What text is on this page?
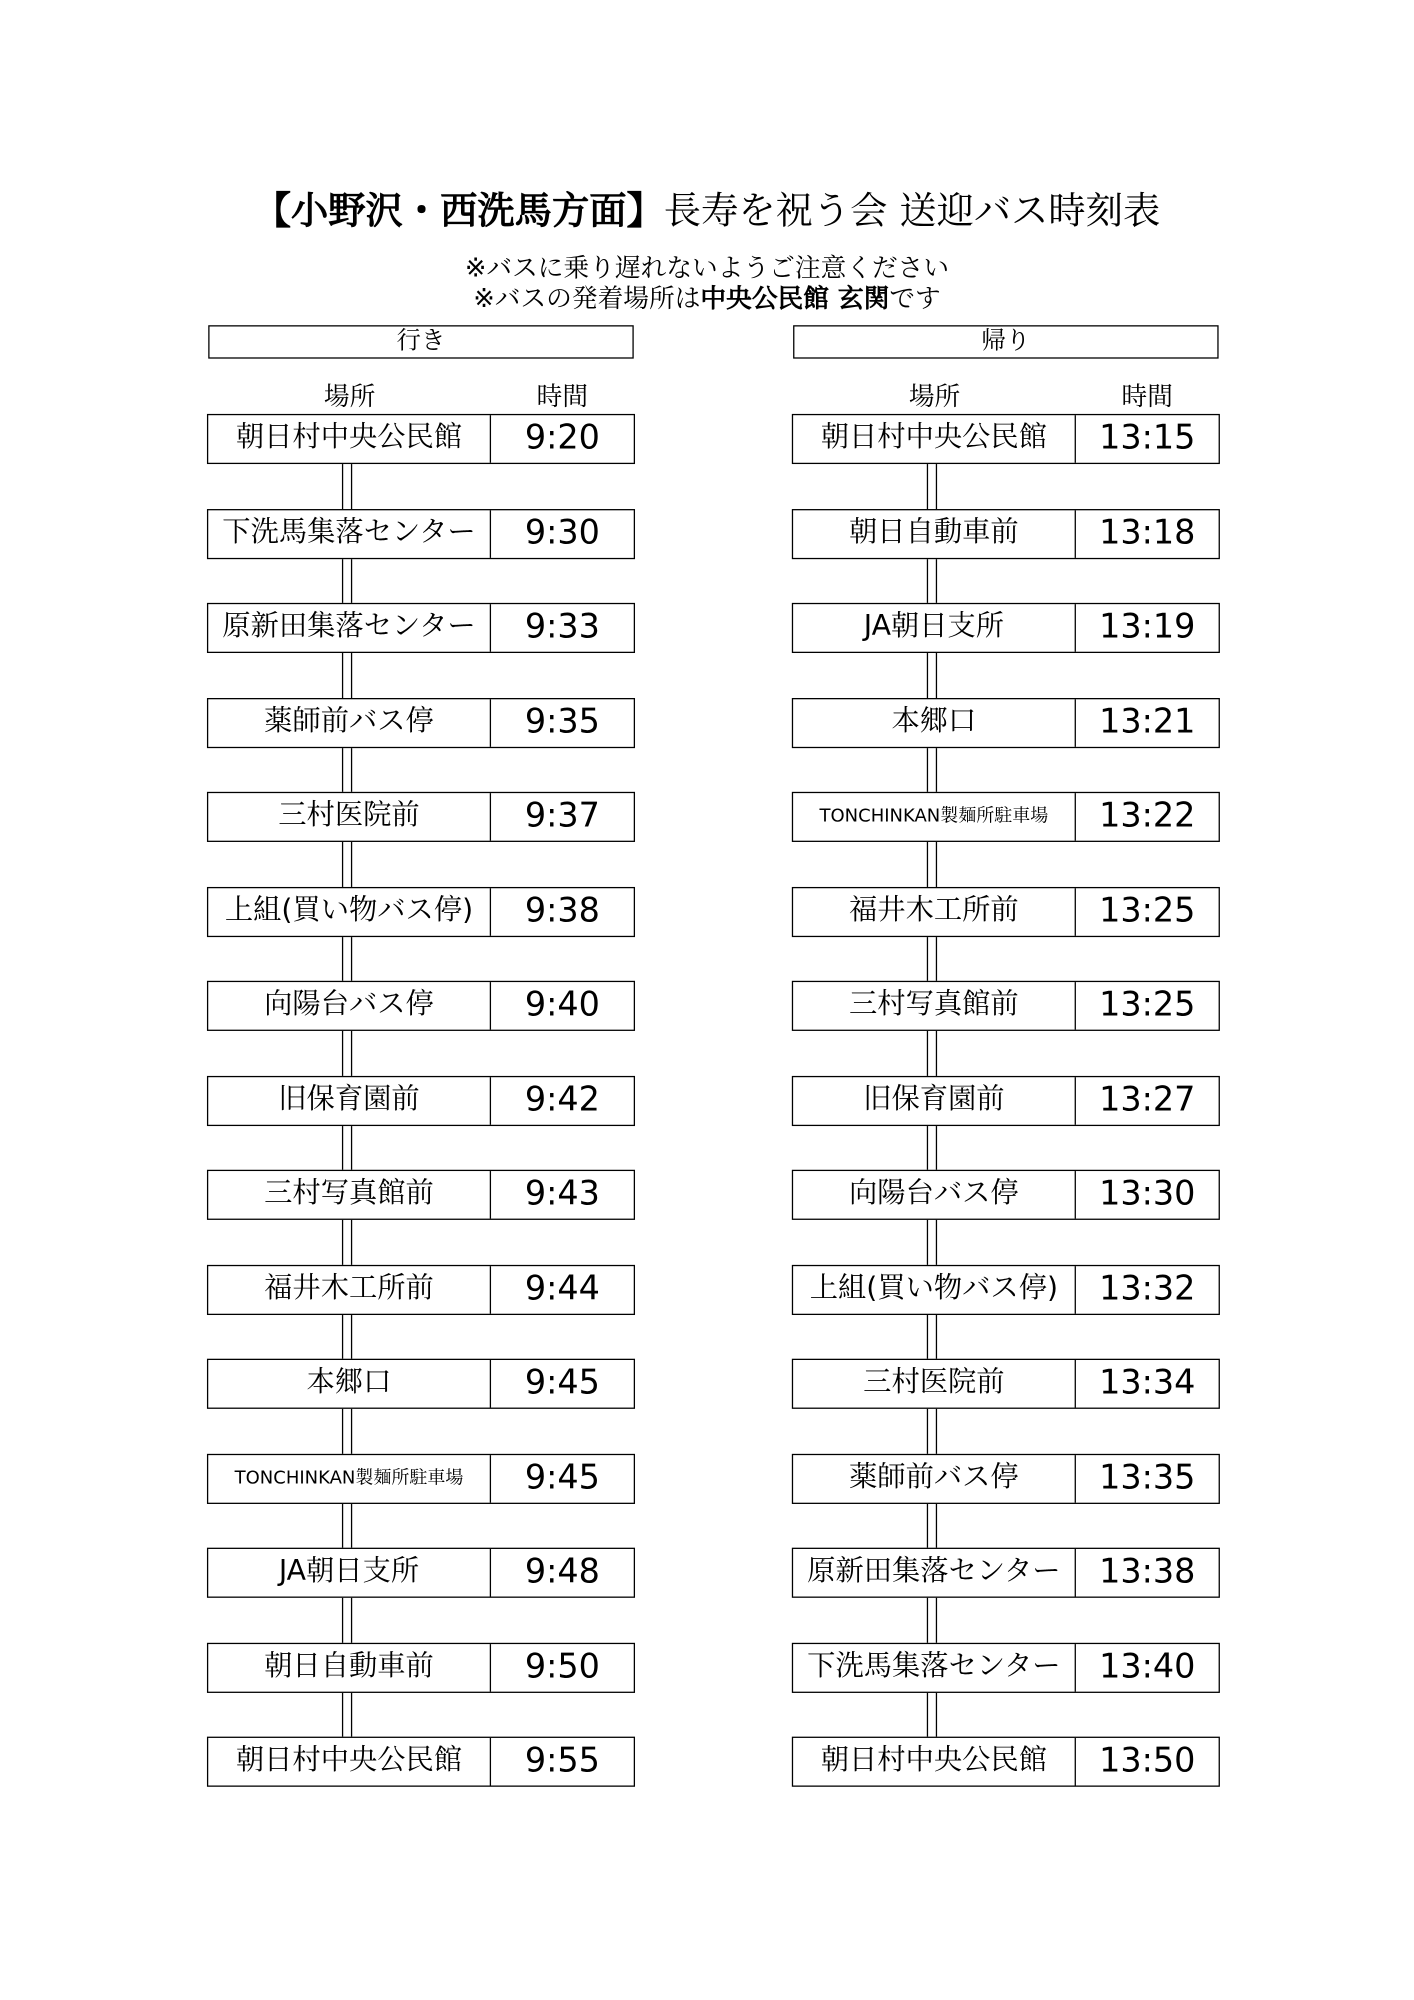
【小野沢・西洗馬方面】長寿を祝う会 送迎バス時刻表
※バスに乗り遅れないようご注意ください
※バスの発着場所は中央公民館 玄関です
行き
場所	時間
朝日村中央公民館	9:20
下洗馬集落センター	9:30
原新田集落センター	9:33
薬師前バス停	9:35
三村医院前	9:37
上組(買い物バス停)	9:38
向陽台バス停	9:40
旧保育園前	9:42
三村写真館前	9:43
福井木工所前	9:44
本郷口	9:45
TONCHINKAN製麺所駐車場	9:45
JA朝日支所	9:48
朝日自動車前	9:50
朝日村中央公民館	9:55
帰り
場所	時間
朝日村中央公民館	13:15
朝日自動車前	13:18
JA朝日支所	13:19
本郷口	13:21
TONCHINKAN製麺所駐車場	13:22
福井木工所前	13:25
三村写真館前	13:25
旧保育園前	13:27
向陽台バス停	13:30
上組(買い物バス停)	13:32
三村医院前	13:34
薬師前バス停	13:35
原新田集落センター	13:38
下洗馬集落センター	13:40
朝日村中央公民館	13:50
